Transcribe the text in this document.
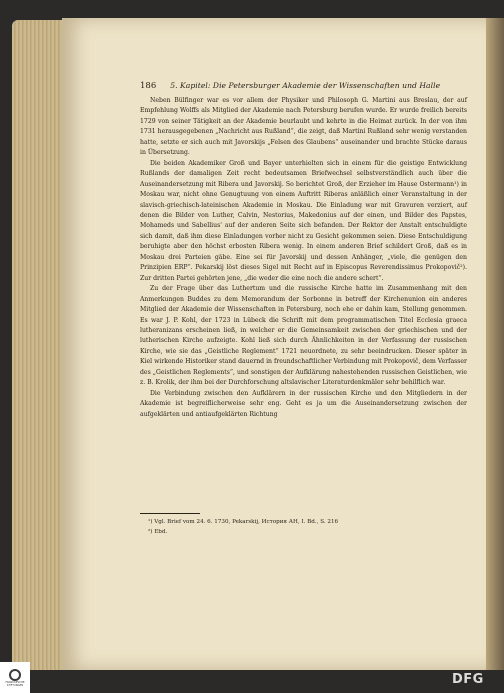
186 5. Kapitel: Die Petersburger Akademie der Wissenschaften und Halle

Neben Bülfinger war es vor allem der Physiker und Philosoph G. Martini aus Breslau, der auf Empfehlung Wolffs als Mitglied der Akademie nach Petersburg berufen wurde. Er wurde freilich bereits 1729 von seiner Tätigkeit an der Akademie beurlaubt und kehrte in die Heimat zurück. In der von ihm 1731 herausgegebenen „Nachricht aus Rußland“, die zeigt, daß Martini Rußland sehr wenig verstanden hatte, setzte er sich auch mit Javorskijs „Felsen des Glaubens“ auseinander und brachte Stücke daraus in Übersetzung.

Die beiden Akademiker Groß und Bayer unterhielten sich in einem für die geistige Entwicklung Rußlands der damaligen Zeit recht bedeutsamen Briefwechsel selbstverständlich auch über die Auseinandersetzung mit Ribera und Javorskij. So berichtet Groß, der Erzieher im Hause Ostermann¹) in Moskau war, nicht ohne Genugtuung von einem Auftritt Riberas anläßlich einer Veranstaltung in der slavisch-griechisch-lateinischen Akademie in Moskau. Die Einladung war mit Gravuren verziert, auf denen die Bilder von Luther, Calvin, Nestorius, Makedonius auf der einen, und Bilder des Papstes, Mohameds und Sabellius' auf der anderen Seite sich befanden. Der Rektor der Anstalt entschuldigte sich damit, daß ihm diese Einladungen vorher nicht zu Gesicht gekommen seien. Diese Entschuldigung beruhigte aber den höchst erbosten Ribera wenig. In einem anderen Brief schildert Groß, daß es in Moskau drei Parteien gäbe. Eine sei für Javorskij und dessen Anhänger, „viele, die genügen den Prinzipien ERP“. Pekarskij löst dieses Sigel mit Recht auf in Episcopus Reverendissimus Prokopovič²). Zur dritten Partei gehörten jene, „die weder die eine noch die andere schert“.

Zu der Frage über das Luthertum und die russische Kirche hatte im Zusammenhang mit den Anmerkungen Buddes zu dem Memorandum der Sorbonne in betreff der Kirchenunion ein anderes Mitglied der Akademie der Wissenschaften in Petersburg, noch ehe er dahin kam, Stellung genommen. Es war J. P. Kohl, der 1723 in Lübeck die Schrift mit dem programmatischen Titel Ecclesia graeca lutheranizans erscheinen ließ, in welcher er die Gemeinsamkeit zwischen der griechischen und der lutherischen Kirche aufzeigte. Kohl ließ sich durch Ähnlichkeiten in der Verfassung der russischen Kirche, wie sie das „Geistliche Reglement“ 1721 neuordnete, zu sehr beeindrucken. Dieser später in Kiel wirkende Historiker stand dauernd in freundschaftlicher Verbindung mit Prokopovič, dem Verfasser des „Geistlichen Reglements“, und sonstigen der Aufklärung nahestehenden russischen Geistlichen, wie z. B. Krolik, der ihm bei der Durchforschung altslavischer Literaturdenkmäler sehr behilflich war.

Die Verbindung zwischen den Aufklärern in der russischen Kirche und den Mitgliedern in der Akademie ist begreiflicherweise sehr eng. Geht es ja um die Auseinandersetzung zwischen der aufgeklärten und antiaufgeklärten Richtung

¹) Vgl. Brief vom 24. 6. 1730, Pekarskij, История АН, I. Bd., S. 216
²) Ebd.
FRANCKESCHE STIFTUNGEN	DFG
